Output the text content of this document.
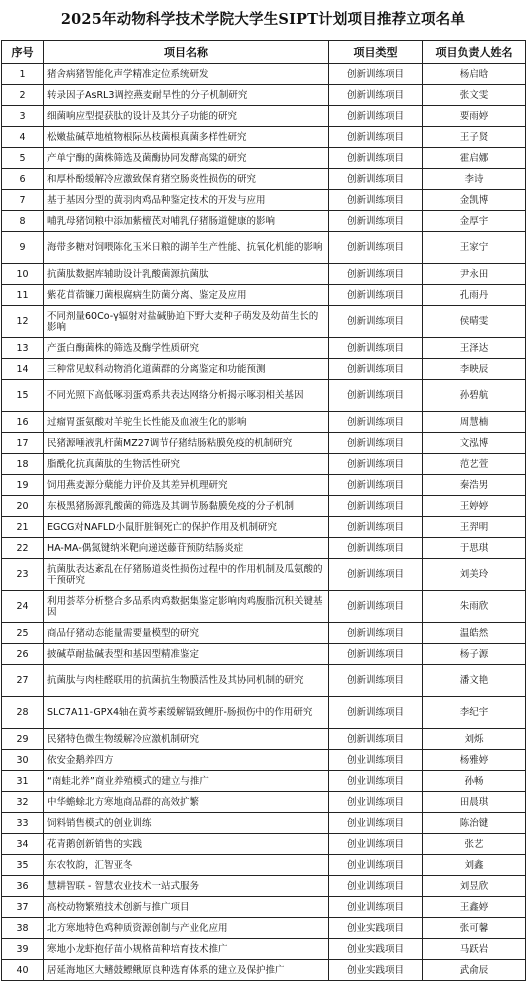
2025年动物科学技术学院大学生SIPT计划项目推荐立项名单
序号	项目名称	项目类型	项目负责人姓名
1	猪舍病猪智能化声学精准定位系统研发	创新训练项目	杨启晗
2	转录因子AsRL3调控燕麦耐旱性的分子机制研究	创新训练项目	张文雯
3	细菌响应型提获肽的设计及其分子功能的研究	创新训练项目	要雨婷
4	松嫩盐碱草地植物根际丛枝菌根真菌多样性研究	创新训练项目	王子贤
5	产单宁酶的菌株筛选及菌酶协同发酵高粱的研究	创新训练项目	霍启娜
6	和厚朴酚缓解冷应激致保育猪空肠炎性损伤的研究	创新训练项目	李诗
7	基于基因分型的黄羽肉鸡品种鉴定技术的开发与应用	创新训练项目	金凯博
8	哺乳母猪饲粮中添加紫檀芪对哺乳仔猪肠道健康的影响	创新训练项目	金厚宇
9	海带多糖对饲喂陈化玉米日粮的湖羊生产性能、抗氧化机能的影响	创新训练项目	王家宁
10	抗菌肽数据库辅助设计乳酸菌源抗菌肽	创新训练项目	尹永田
11	紫花苜蓿镰刀菌根腐病生防菌分离、鉴定及应用	创新训练项目	孔雨丹
12	不同剂量60Co-γ辐射对盐碱胁迫下野大麦种子萌发及幼苗生长的影响	创新训练项目	侯晴雯
13	产蛋白酶菌株的筛选及酶学性质研究	创新训练项目	王泽达
14	三种常见蚁科动物消化道菌群的分离鉴定和功能预测	创新训练项目	李映辰
15	不同光照下高低啄羽蛋鸡系共表达网络分析揭示啄羽相关基因	创新训练项目	孙碧航
16	过瘤胃蛋氨酸对羊驼生长性能及血液生化的影响	创新训练项目	周慧楠
17	民猪源唾液乳杆菌MZ27调节仔猪结肠粘膜免疫的机制研究	创新训练项目	文泓博
18	脂酰化抗真菌肽的生物活性研究	创新训练项目	范艺萱
19	饲用燕麦源分蘖能力评价及其差异机理研究	创新训练项目	秦浩男
20	东极黑猪肠源乳酸菌的筛选及其调节肠黏膜免疫的分子机制	创新训练项目	王婷婷
21	EGCG对NAFLD小鼠肝脏铜死亡的保护作用及机制研究	创新训练项目	王羿明
22	HA-MA-偶氮键纳米靶向递送藤苷预防结肠炎症	创新训练项目	于思琪
23	抗菌肽表达紊乱在仔猪肠道炎性损伤过程中的作用机制及瓜氨酸的干预研究	创新训练项目	刘美玲
24	利用荟萃分析整合多品系肉鸡数据集鉴定影响肉鸡腹脂沉积关键基因	创新训练项目	朱雨欣
25	商品仔猪动态能量需要量模型的研究	创新训练项目	温皓然
26	披碱草耐盐碱表型和基因型精准鉴定	创新训练项目	杨子源
27	抗菌肽与肉桂醛联用的抗菌抗生物膜活性及其协同机制的研究	创新训练项目	潘文艳
28	SLC7A11-GPX4轴在黄芩素缓解镉致鲤肝-肠损伤中的作用研究	创新训练项目	李纪宇
29	民猪特色微生物缓解冷应激机制研究	创新训练项目	刘烁
30	依安金鹅养四方	创业训练项目	杨雅婷
31	“南蛙北养”商业养殖模式的建立与推广	创业训练项目	孙畅
32	中华蟾蜍北方寒地商品群的高效扩繁	创业训练项目	田晨琪
33	饲料销售模式的创业训练	创业训练项目	陈治键
34	花青鹅创新销售的实践	创业训练项目	张艺
35	东农牧韵，汇智亚冬	创业训练项目	刘鑫
36	慧耕智联 - 智慧农业技术一站式服务	创业训练项目	刘昱欣
37	高校动物繁殖技术创新与推广项目	创业训练项目	王鑫婷
38	北方寒地特色鸡种质资源创制与产业化应用	创业实践项目	张可馨
39	寒地小龙虾抱仔苗小规格苗种培育技术推广	创业实践项目	马跃岩
40	居延海地区大鳍鼓鳔鳅原良种选育体系的建立及保护推广	创业实践项目	武俞辰
